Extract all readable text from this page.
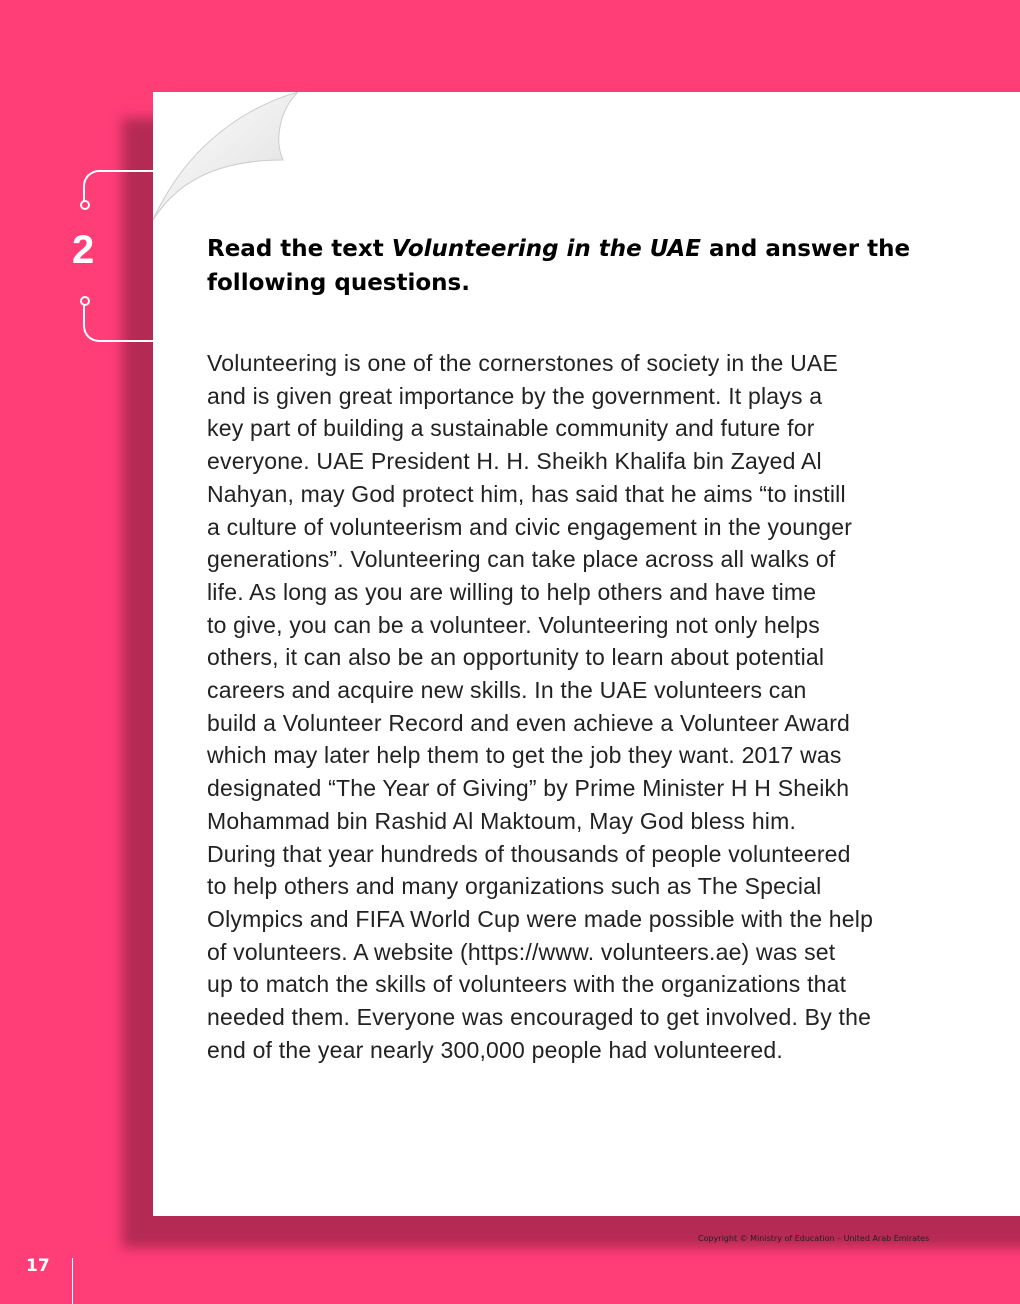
2	Read the text Volunteering in the UAE and answer the following questions.
Volunteering is one of the cornerstones of society in the UAE
and is given great importance by the government. It plays a
key part of building a sustainable community and future for
everyone. UAE President H. H. Sheikh Khalifa bin Zayed Al
Nahyan, may God protect him, has said that he aims “to instill
a culture of volunteerism and civic engagement in the younger
generations”. Volunteering can take place across all walks of
life. As long as you are willing to help others and have time
to give, you can be a volunteer. Volunteering not only helps
others, it can also be an opportunity to learn about potential
careers and acquire new skills. In the UAE volunteers can
build a Volunteer Record and even achieve a Volunteer Award
which may later help them to get the job they want. 2017 was
designated “The Year of Giving” by Prime Minister H H Sheikh
Mohammad bin Rashid Al Maktoum, May God bless him.
During that year hundreds of thousands of people volunteered
to help others and many organizations such as The Special
Olympics and FIFA World Cup were made possible with the help
of volunteers. A website (https://www. volunteers.ae) was set
up to match the skills of volunteers with the organizations that
needed them. Everyone was encouraged to get involved. By the
end of the year nearly 300,000 people had volunteered.
Copyright © Ministry of Education – United Arab Emirates
17
